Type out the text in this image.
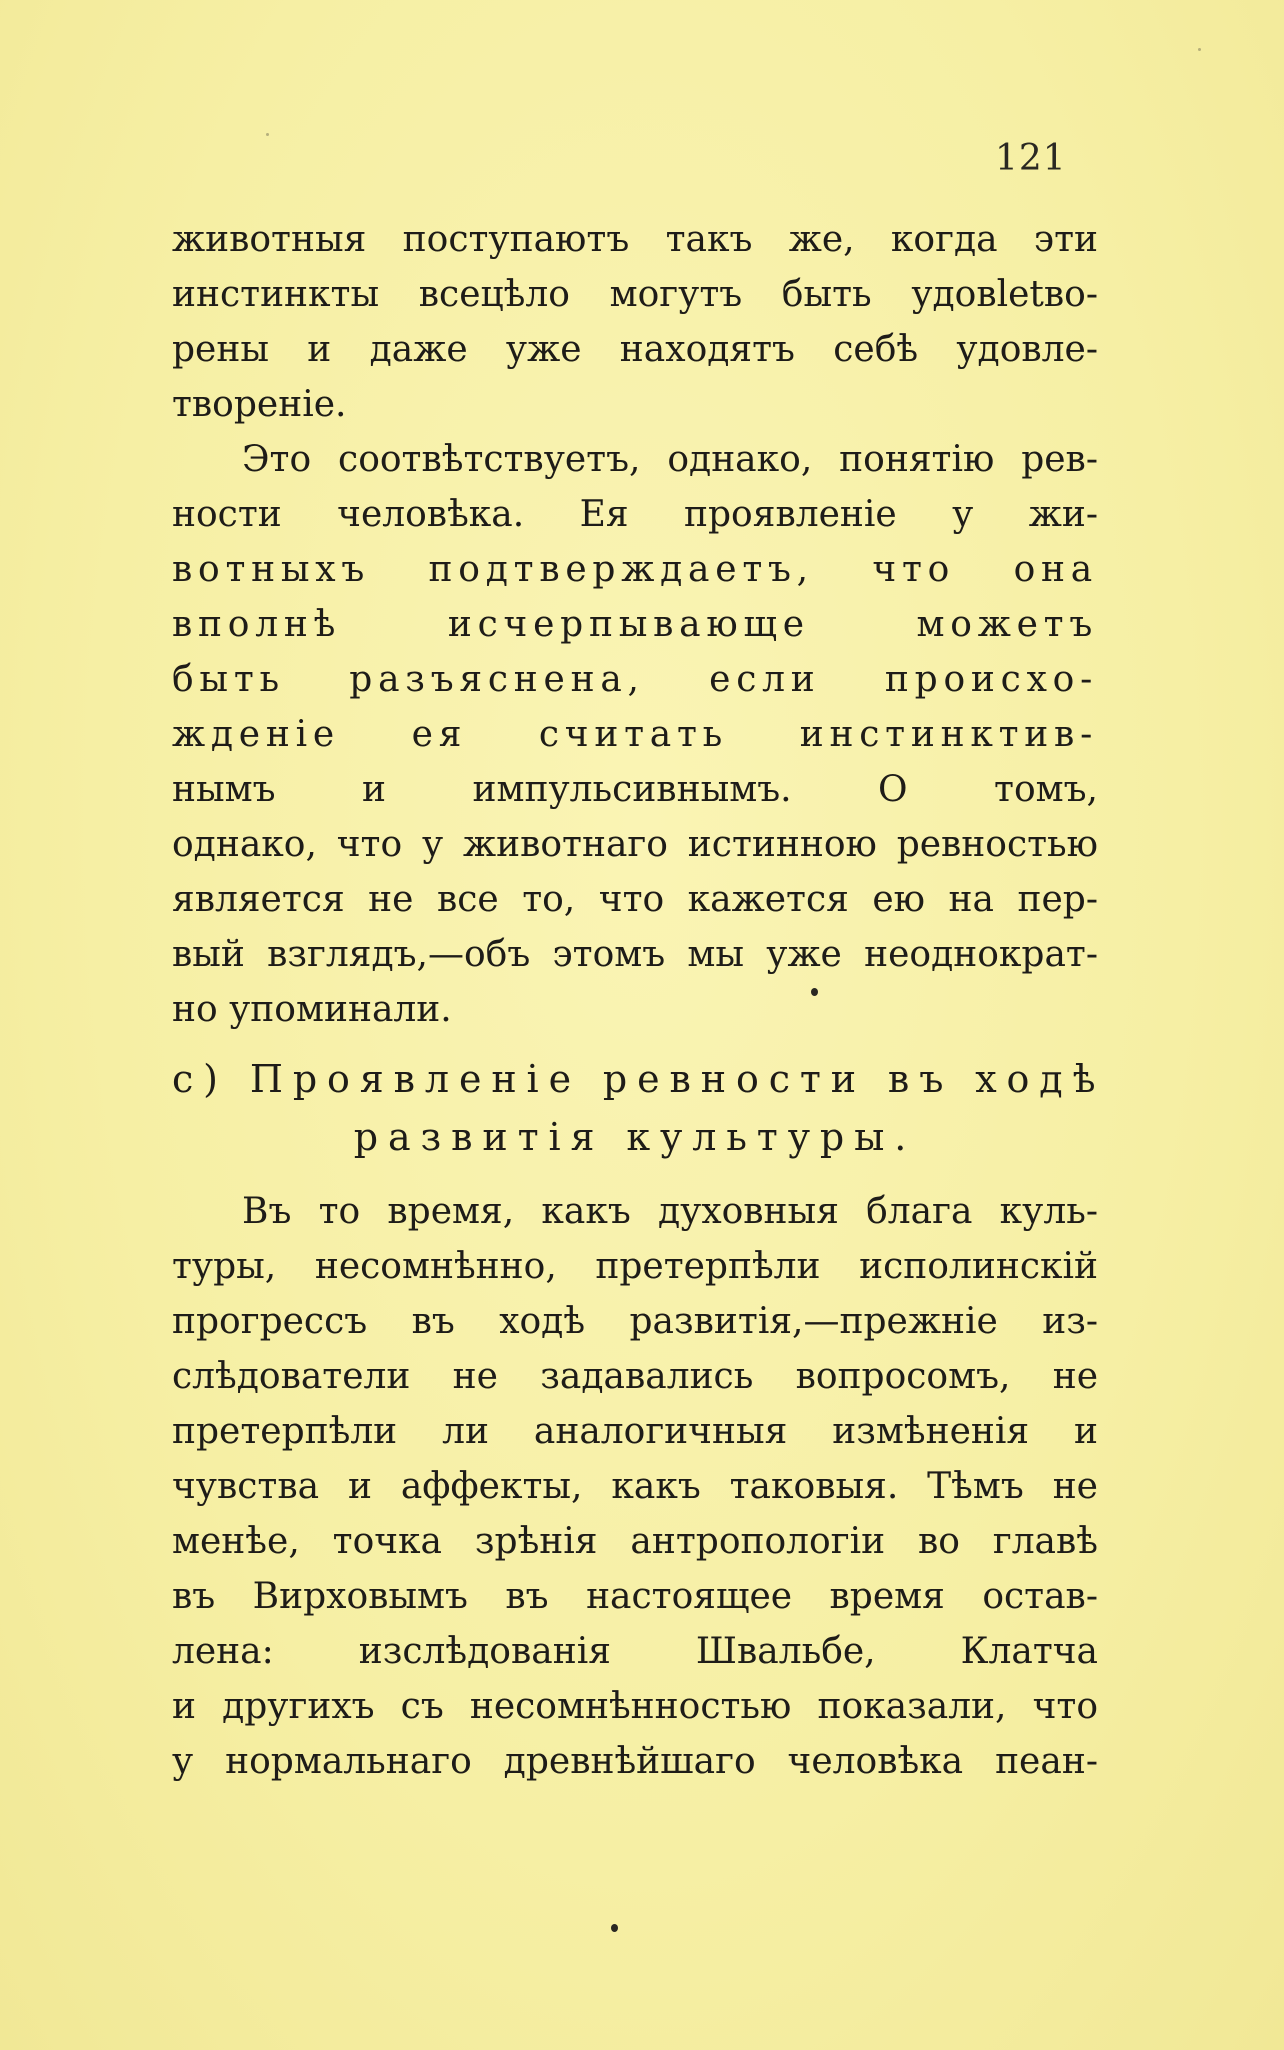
121
животныя поступаютъ такъ же, когда эти
инстинкты всецѣло могутъ быть удовletво-
рены и даже уже находятъ себѣ удовле-
твореніе.
Это соотвѣтствуетъ, однако, понятію рев-
ности человѣка. Ея проявленіе у жи-
вотныхъ подтверждаетъ, что она
вполнѣ исчерпывающе можетъ
быть разъяснена, если происхо-
жденіе ея считать инстинктив-
нымъ и импульсивнымъ. О томъ,
однако, что у животнаго истинною ревностью
является не все то, что кажется ею на пер-
вый взглядъ,—объ этомъ мы уже неоднократ-
но упоминали.
c) Проявленіе ревности въ ходѣ
развитія культуры.
Въ то время, какъ духовныя блага куль-
туры, несомнѣнно, претерпѣли исполинскій
прогрессъ въ ходѣ развитія,—прежніе из-
слѣдователи не задавались вопросомъ, не
претерпѣли ли аналогичныя измѣненія и
чувства и аффекты, какъ таковыя. Тѣмъ не
менѣе, точка зрѣнія антропологіи во главѣ
въ Вирховымъ въ настоящее время остав-
лена: изслѣдованія Швальбе, Клатча
и другихъ съ несомнѣнностью показали, что
у нормальнаго древнѣйшаго человѣка пеан-
